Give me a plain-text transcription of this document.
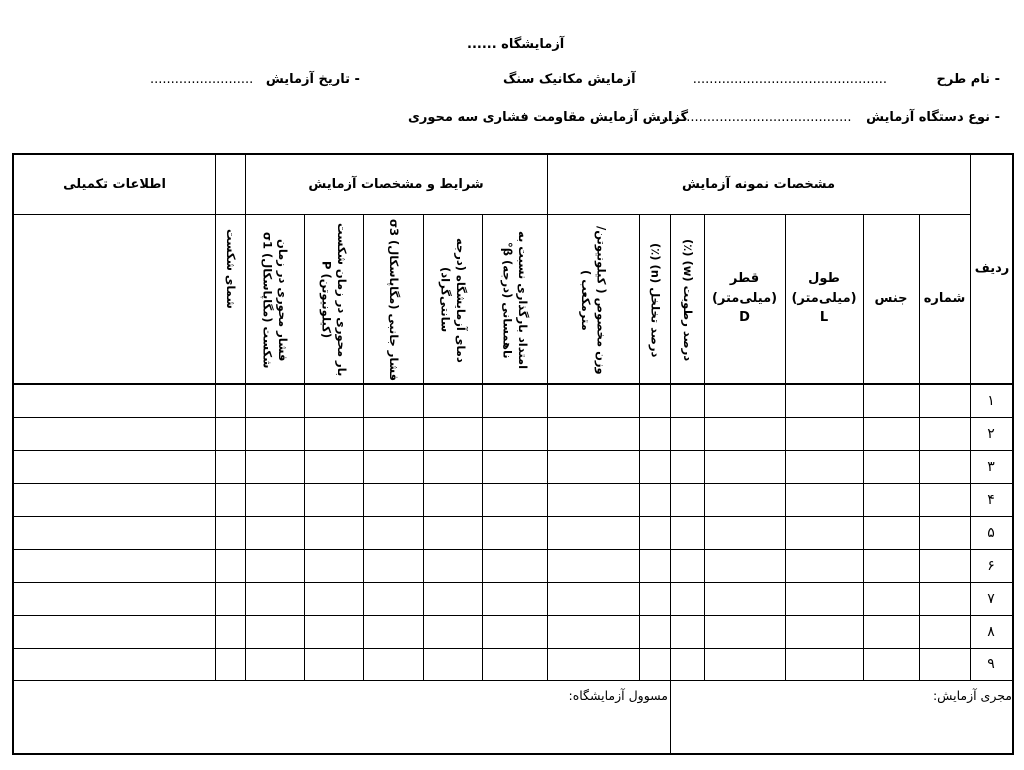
آزمایشگاه ......
- نام طرح ...............................................
آزمایش مکانیک سنگ
- تاریخ آزمایش .........................
- نوع دستگاه آزمایش ...............................................
گزارش آزمایش مقاومت فشاری سه محوری
ردیف
مشخصات نمونه آزمایش
شرایط و مشخصات آزمایش
اطلاعات تکمیلی
شماره
جنس
طول
(میلی‌متر)
L
قطر
(میلی‌متر)
D
درصد رطوبت (w) (٪)
درصد تخلخل (n) (٪)
وزن مخصوص ( کیلونیوتن/مترمکعب )
امتداد بارگذاری نسبت به ناهمسانی (درجه) β°
دمای آزمایشگاه (درجه سانتی‌گراد)
فشار جانبی (مگاپاسکال) σ3
بار محوری در زمان شکست (کیلونیوتن) P
فشار محوری در زمان شکست (مگاپاسکال) σ1
شمای شکست
۱
۲
۳
۴
۵
۶
۷
۸
۹
مجری آزمایش:
مسوول آزمایشگاه:
